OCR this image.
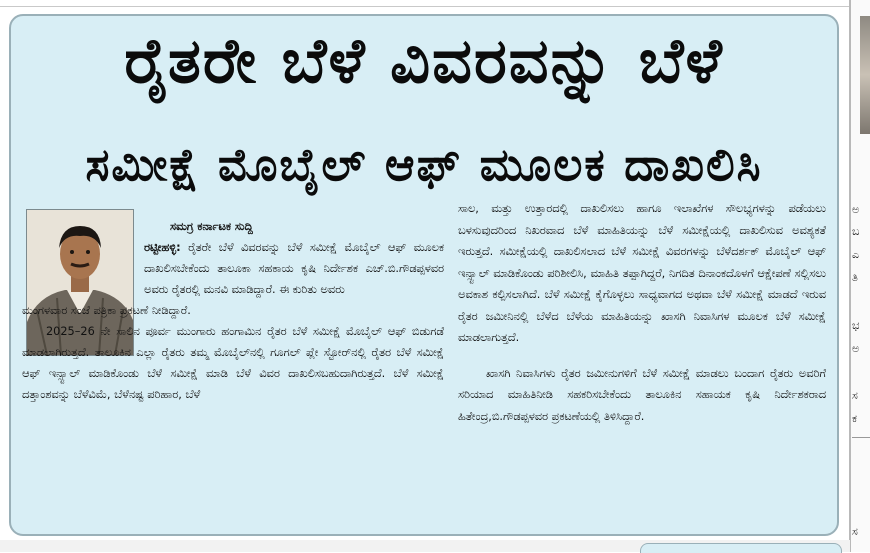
ಅ
ಬ
ಎ
ತಿ
ಭ
ಅ
ಸ
ಕ
ಸ
ರೈತರೇ ಬೆಳೆ ವಿವರವನ್ನು ಬೆಳೆ
ಸಮೀಕ್ಷೆ ಮೊಬೈಲ್ ಆಫ್ ಮೂಲಕ ದಾಖಲಿಸಿ

ಸಮಗ್ರ ಕರ್ನಾಟಕ ಸುದ್ದಿ

ರಟ್ಟೀಹಳ್ಳಿ: ರೈತರೇ ಬೆಳೆ ವಿವರವನ್ನು ಬೆಳೆ ಸಮೀಕ್ಷೆ ಮೊಬೈಲ್ ಆಫ್ ಮೂಲಕ ದಾಖಲಿಸಬೇಕೆಂದು ತಾಲೂಕಾ ಸಹಕಾಯ ಕೃಷಿ ನಿರ್ದೇಶಕ ಎಚ್.ಬಿ.ಗೌಡಪ್ಪಳವರ ಅವರು ರೈತರಲ್ಲಿ ಮನವಿ ಮಾಡಿದ್ದಾರೆ. ಈ ಕುರಿತು ಅವರು

ಮಂಗಳವಾರ ಸಂಜೆ ಪತ್ರಿಕಾ ಪ್ರಕಟಣೆ ನೀಡಿದ್ದಾರೆ.

2025–26 ನೇ ಸಾಲಿನ ಪೂರ್ವ ಮುಂಗಾರು ಹಂಗಾಮಿನ ರೈತರ ಬೆಳೆ ಸಮೀಕ್ಷೆ ಮೊಬೈಲ್ ಆಫ್ ಬಿಡುಗಡೆ ಮಾಡಲಾಗಿರುತ್ತದೆ. ತಾಲೂಕಿನ ಎಲ್ಲಾ ರೈತರು ತಮ್ಮ ಮೊಬೈಲ್‌ನಲ್ಲಿ ಗೂಗಲ್ ಪ್ಲೇ ಸ್ಟೋರ್‌ನಲ್ಲಿ ರೈತರ ಬೆಳೆ ಸಮೀಕ್ಷೆ ಆಫ್ ಇನ್ಸ್ಟಾಲ್ ಮಾಡಿಕೊಂಡು ಬೆಳೆ ಸಮೀಕ್ಷೆ ಮಾಡಿ ಬೆಳೆ ವಿವರ ದಾಖಲಿಸಬಹುದಾಗಿರುತ್ತದೆ. ಬೆಳೆ ಸಮೀಕ್ಷೆ ದತ್ತಾಂಶವನ್ನು ಬೆಳೆವಿಮೆ, ಬೆಳೆನಷ್ಟ ಪರಿಹಾರ, ಬೆಳೆ

ಸಾಲ, ಮತ್ತು ಉತ್ತಾರದಲ್ಲಿ ದಾಖಲಿಸಲು ಹಾಗೂ ಇಲಾಖೆಗಳ ಸೌಲಭ್ಯಗಳನ್ನು ಪಡೆಯಲು ಬಳಸುವುದರಿಂದ ನಿಖರವಾದ ಬೆಳೆ ಮಾಹಿತಿಯನ್ನು ಬೆಳೆ ಸಮೀಕ್ಷೆಯಲ್ಲಿ ದಾಖಲಿಸುವ ಅವಶ್ಯಕತೆ ಇರುತ್ತದೆ. ಸಮೀಕ್ಷೆಯಲ್ಲಿ ದಾಖಲಿಸಲಾದ ಬೆಳೆ ಸಮೀಕ್ಷೆ ವಿವರಗಳನ್ನು ಬೆಳೆದರ್ಶಕ್ ಮೊಬೈಲ್ ಆಫ್ ಇನ್ಸ್ಟಾಲ್ ಮಾಡಿಕೊಂಡು ಪರಿಶೀಲಿಸಿ, ಮಾಹಿತಿ ತಪ್ಪಾಗಿದ್ದರೆ, ನಿಗದಿತ ದಿನಾಂಕದೊಳಗೆ ಆಕ್ಷೇಪಣೆ ಸಲ್ಲಿಸಲು ಅವಕಾಶ ಕಲ್ಪಿಸಲಾಗಿದೆ. ಬೆಳೆ ಸಮೀಕ್ಷೆ ಕೈಗೊಳ್ಳಲು ಸಾಧ್ಯವಾಗದ ಅಥವಾ ಬೆಳೆ ಸಮೀಕ್ಷೆ ಮಾಡದೆ ಇರುವ ರೈತರ ಜಮೀನಿನಲ್ಲಿ ಬೆಳೆದ ಬೆಳೆಯ ಮಾಹಿತಿಯನ್ನು ಖಾಸಗಿ ನಿವಾಸಿಗಳ ಮೂಲಕ ಬೆಳೆ ಸಮೀಕ್ಷೆ ಮಾಡಲಾಗುತ್ತದೆ.

ಖಾಸಗಿ ನಿವಾಸಿಗಳು ರೈತರ ಜಮೀನುಗಳಿಗೆ ಬೆಳೆ ಸಮೀಕ್ಷೆ ಮಾಡಲು ಬಂದಾಗ ರೈತರು ಅವರಿಗೆ ಸರಿಯಾದ ಮಾಹಿತಿನೀಡಿ ಸಹಕರಿಸಬೇಕೆಂದು ತಾಲೂಕಿನ ಸಹಾಯಕ ಕೃಷಿ ನಿರ್ದೇಶಕರಾದ ಹಿತೇಂದ್ರ,ಬಿ.ಗೌಡಪ್ಪಳವರ ಪ್ರಕಟಣೆಯಲ್ಲಿ ತಿಳಿಸಿದ್ದಾರೆ.
